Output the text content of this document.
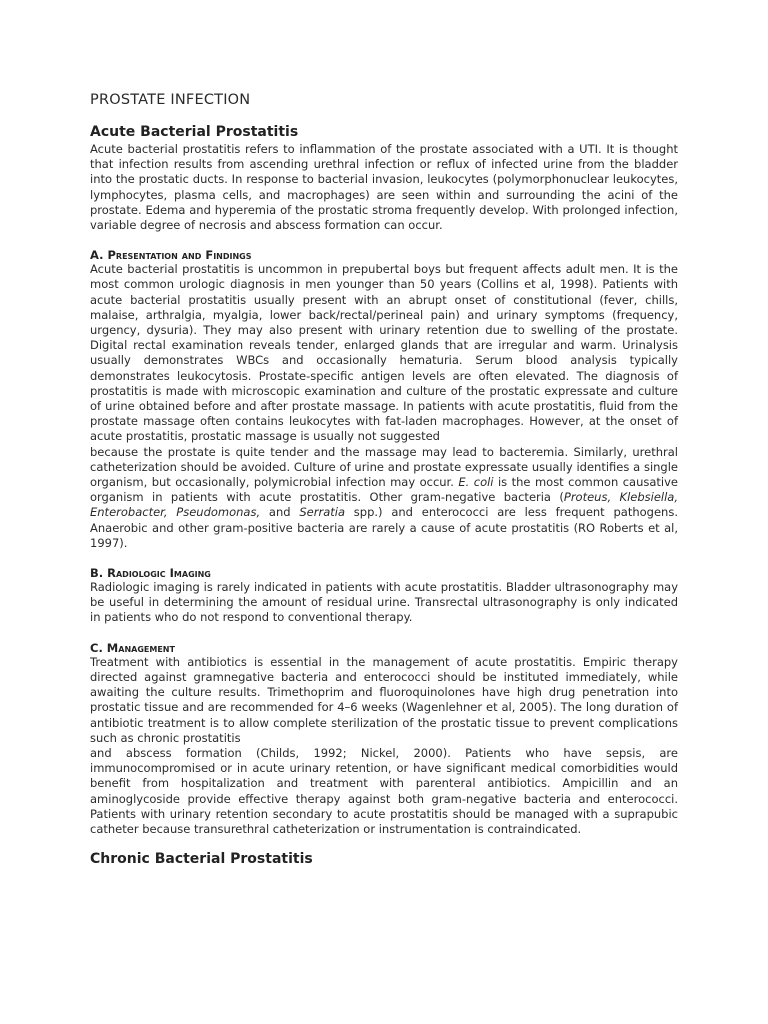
PROSTATE INFECTION
Acute Bacterial Prostatitis

Acute bacterial prostatitis refers to inflammation of the prostate associated with a UTI. It is thought that infection results from ascending urethral infection or reflux of infected urine from the bladder into the prostatic ducts. In response to bacterial invasion, leukocytes (polymorphonuclear leukocytes, lymphocytes, plasma cells, and macrophages) are seen within and surrounding the acini of the prostate. Edema and hyperemia of the prostatic stroma frequently develop. With prolonged infection, variable degree of necrosis and abscess formation can occur.

A. Presentation and Findings

Acute bacterial prostatitis is uncommon in prepubertal boys but frequent affects adult men. It is the most common urologic diagnosis in men younger than 50 years (Collins et al, 1998). Patients with acute bacterial prostatitis usually present with an abrupt onset of constitutional (fever, chills, malaise, arthralgia, myalgia, lower back/rectal/perineal pain) and urinary symptoms (frequency, urgency, dysuria). They may also present with urinary retention due to swelling of the prostate. Digital rectal examination reveals tender, enlarged glands that are irregular and warm. Urinalysis usually demonstrates WBCs and occasionally hematuria. Serum blood analysis typically demonstrates leukocytosis. Prostate-specific antigen levels are often elevated. The diagnosis of prostatitis is made with microscopic examination and culture of the prostatic expressate and culture of urine obtained before and after prostate massage. In patients with acute prostatitis, fluid from the prostate massage often contains leukocytes with fat-laden macrophages. However, at the onset of acute prostatitis, prostatic massage is usually not suggested

because the prostate is quite tender and the massage may lead to bacteremia. Similarly, urethral catheterization should be avoided. Culture of urine and prostate expressate usually identifies a single organism, but occasionally, polymicrobial infection may occur. E. coli is the most common causative organism in patients with acute prostatitis. Other gram-negative bacteria (Proteus, Klebsiella, Enterobacter, Pseudomonas, and Serratia spp.) and enterococci are less frequent pathogens. Anaerobic and other gram-positive bacteria are rarely a cause of acute prostatitis (RO Roberts et al, 1997).

B. Radiologic Imaging

Radiologic imaging is rarely indicated in patients with acute prostatitis. Bladder ultrasonography may be useful in determining the amount of residual urine. Transrectal ultrasonography is only indicated in patients who do not respond to conventional therapy.

C. Management

Treatment with antibiotics is essential in the management of acute prostatitis. Empiric therapy directed against gramnegative bacteria and enterococci should be instituted immediately, while awaiting the culture results. Trimethoprim and fluoroquinolones have high drug penetration into prostatic tissue and are recommended for 4–6 weeks (Wagenlehner et al, 2005). The long duration of antibiotic treatment is to allow complete sterilization of the prostatic tissue to prevent complications such as chronic prostatitis

and abscess formation (Childs, 1992; Nickel, 2000). Patients who have sepsis, are immunocompromised or in acute urinary retention, or have significant medical comorbidities would benefit from hospitalization and treatment with parenteral antibiotics. Ampicillin and an aminoglycoside provide effective therapy against both gram-negative bacteria and enterococci. Patients with urinary retention secondary to acute prostatitis should be managed with a suprapubic catheter because transurethral catheterization or instrumentation is contraindicated.

Chronic Bacterial Prostatitis
